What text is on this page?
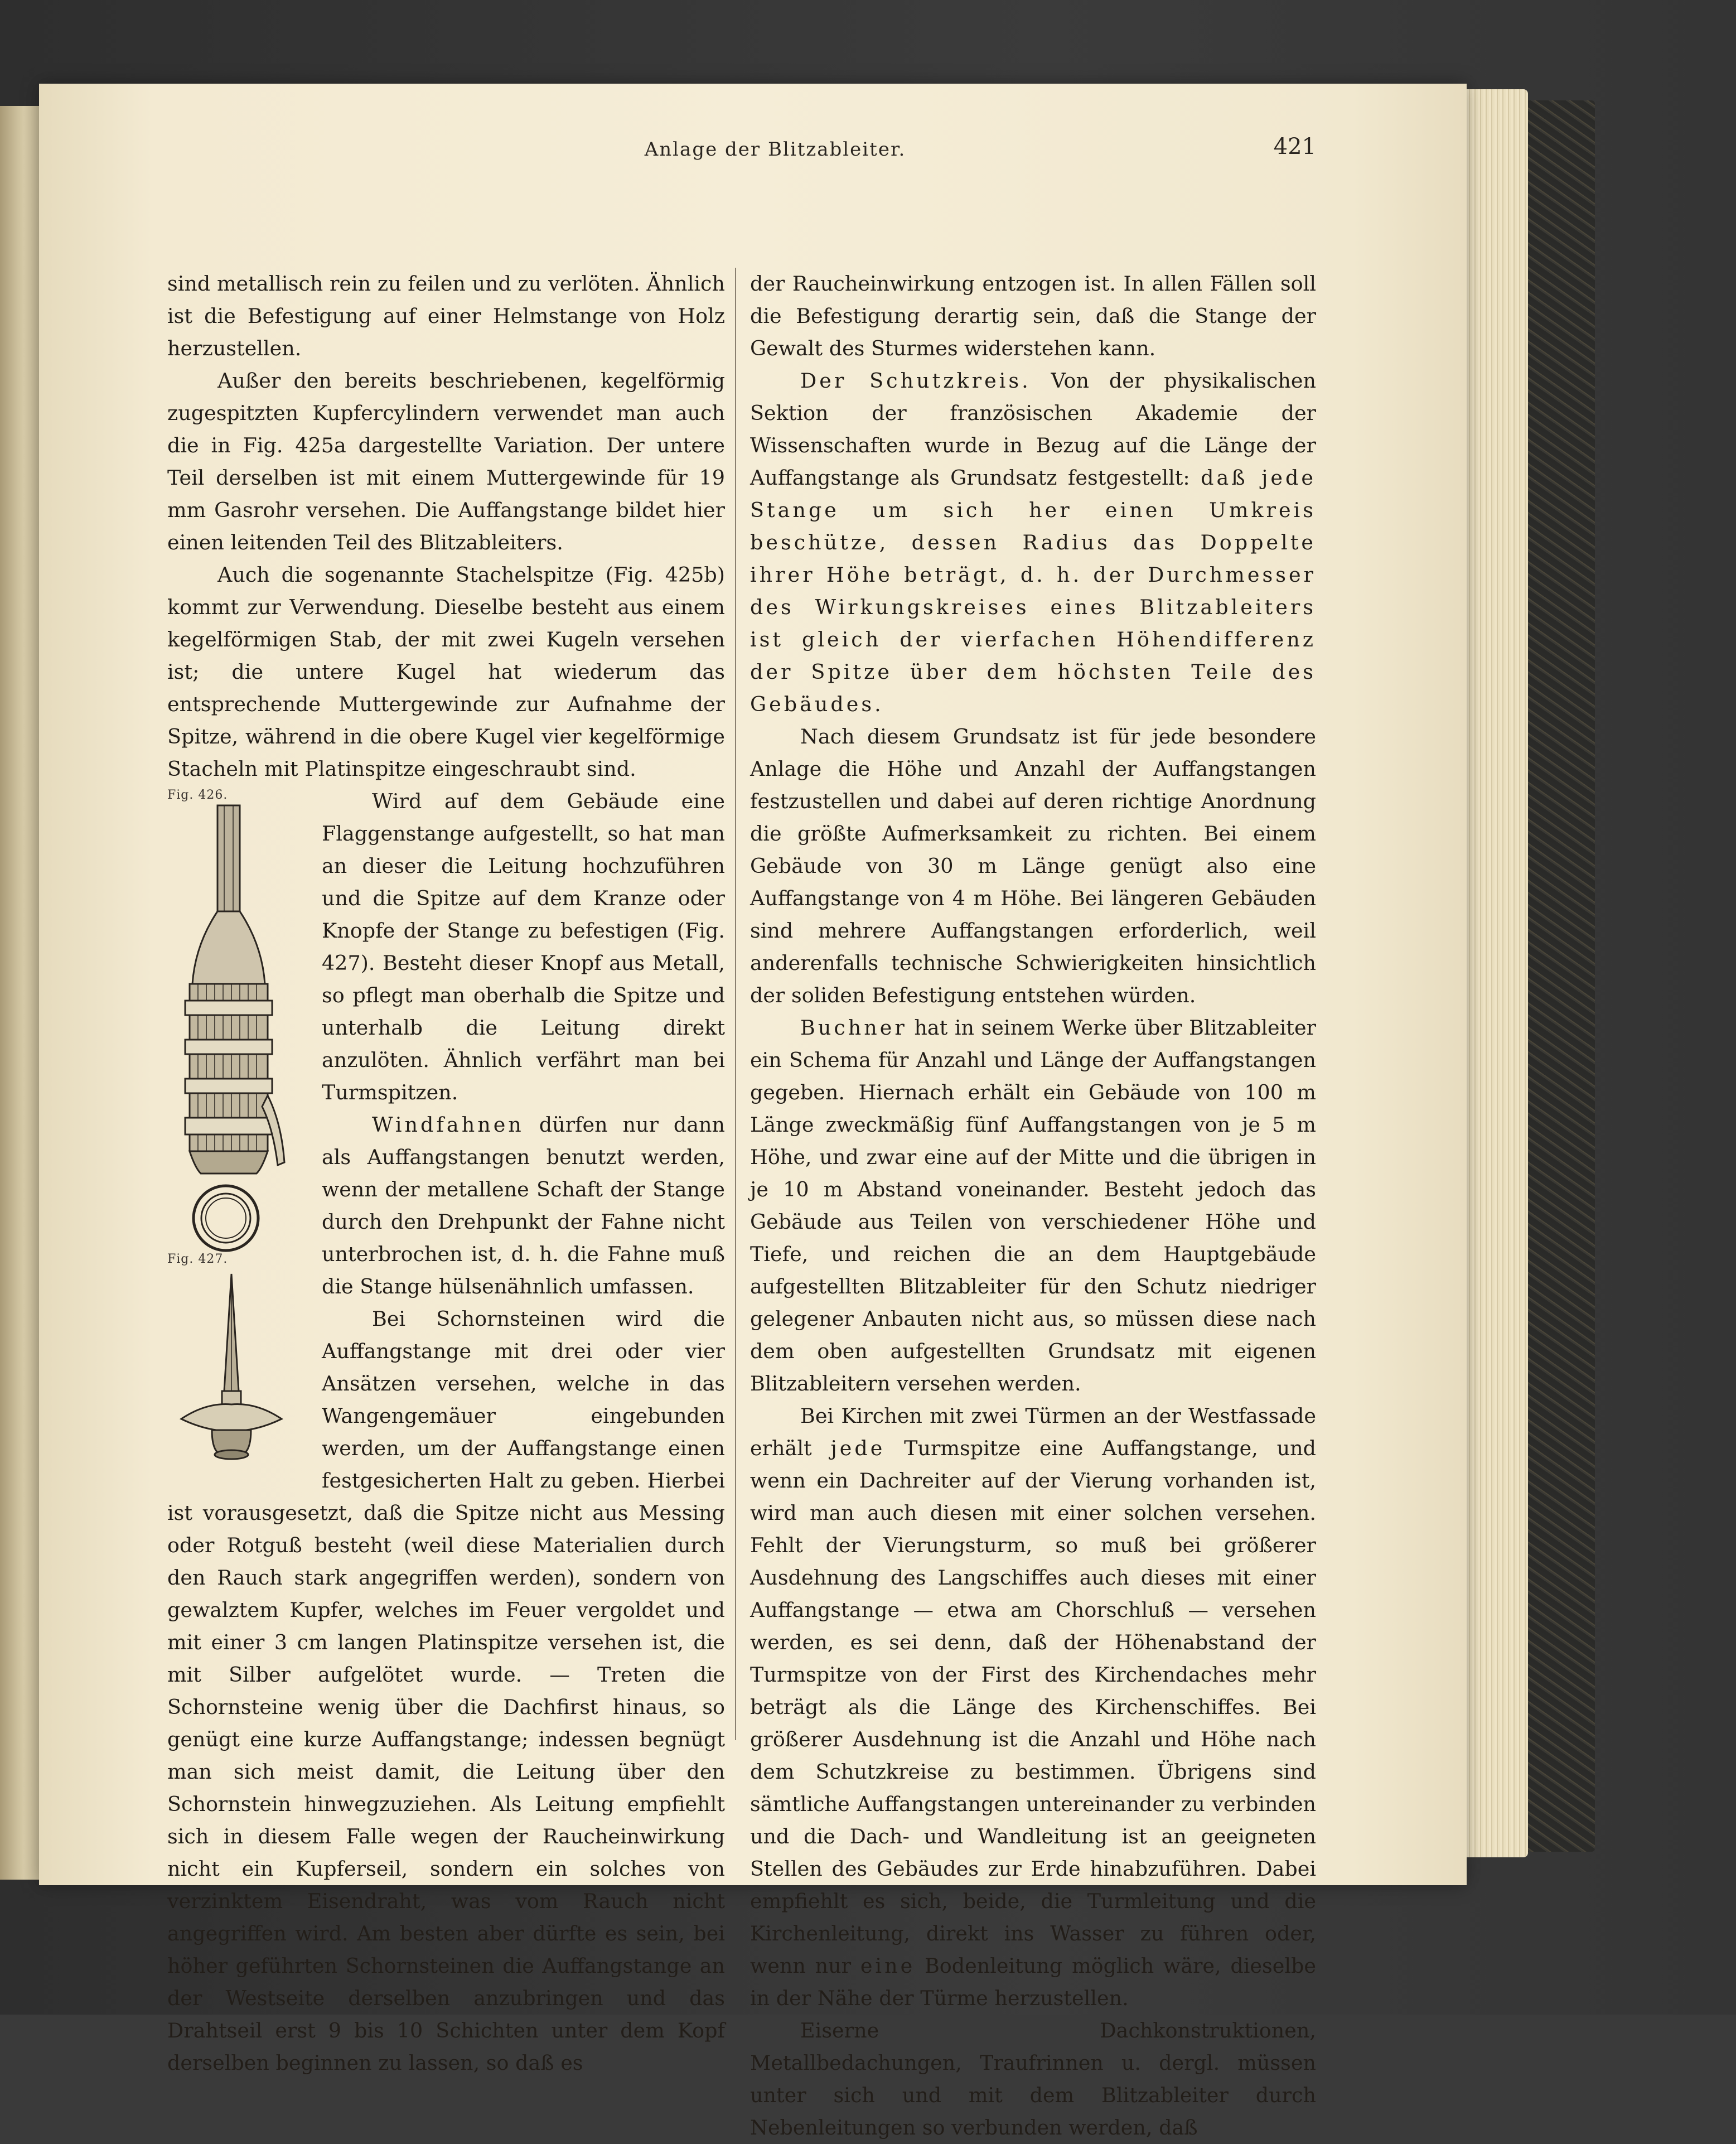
Anlage der Blitzableiter.	421

sind metallisch rein zu feilen und zu verlöten. Ähnlich ist die Befestigung auf einer Helmstange von Holz herzustellen.

Außer den bereits beschriebenen, kegelförmig zugespitzten Kupfercylindern verwendet man auch die in Fig. 425a dargestellte Variation. Der untere Teil derselben ist mit einem Muttergewinde für 19 mm Gasrohr versehen. Die Auffangstange bildet hier einen leitenden Teil des Blitzableiters.

Auch die sogenannte Stachelspitze (Fig. 425b) kommt zur Verwendung. Dieselbe besteht aus einem kegelförmigen Stab, der mit zwei Kugeln versehen ist; die untere Kugel hat wiederum das entsprechende Muttergewinde zur Aufnahme der Spitze, während in die obere Kugel vier kegelförmige Stacheln mit Platinspitze eingeschraubt sind.

Fig. 426.
Fig. 427.

Wird auf dem Gebäude eine Flaggenstange aufgestellt, so hat man an dieser die Leitung hochzuführen und die Spitze auf dem Kranze oder Knopfe der Stange zu befestigen (Fig. 427). Besteht dieser Knopf aus Metall, so pflegt man oberhalb die Spitze und unterhalb die Leitung direkt anzulöten. Ähnlich verfährt man bei Turmspitzen.

Windfahnen dürfen nur dann als Auffangstangen benutzt werden, wenn der metallene Schaft der Stange durch den Drehpunkt der Fahne nicht unterbrochen ist, d. h. die Fahne muß die Stange hülsenähnlich umfassen.

Bei Schornsteinen wird die Auffangstange mit drei oder vier Ansätzen versehen, welche in das Wangengemäuer eingebunden werden, um der Auffangstange einen festgesicherten Halt zu geben. Hierbei ist vorausgesetzt, daß die Spitze nicht aus Messing oder Rotguß besteht (weil diese Materialien durch den Rauch stark angegriffen werden), sondern von gewalztem Kupfer, welches im Feuer vergoldet und mit einer 3 cm langen Platinspitze versehen ist, die mit Silber aufgelötet wurde. — Treten die Schornsteine wenig über die Dachfirst hinaus, so genügt eine kurze Auffangstange; indessen begnügt man sich meist damit, die Leitung über den Schornstein hinwegzuziehen. Als Leitung empfiehlt sich in diesem Falle wegen der Raucheinwirkung nicht ein Kupferseil, sondern ein solches von verzinktem Eisendraht, was vom Rauch nicht angegriffen wird. Am besten aber dürfte es sein, bei höher geführten Schornsteinen die Auffangstange an der Westseite derselben anzubringen und das Drahtseil erst 9 bis 10 Schichten unter dem Kopf derselben beginnen zu lassen, so daß es

der Raucheinwirkung entzogen ist. In allen Fällen soll die Befestigung derartig sein, daß die Stange der Gewalt des Sturmes widerstehen kann.

Der Schutzkreis. Von der physikalischen Sektion der französischen Akademie der Wissenschaften wurde in Bezug auf die Länge der Auffangstange als Grundsatz festgestellt: daß jede Stange um sich her einen Umkreis beschütze, dessen Radius das Doppelte ihrer Höhe beträgt, d. h. der Durchmesser des Wirkungskreises eines Blitzableiters ist gleich der vierfachen Höhendifferenz der Spitze über dem höchsten Teile des Gebäudes.

Nach diesem Grundsatz ist für jede besondere Anlage die Höhe und Anzahl der Auffangstangen festzustellen und dabei auf deren richtige Anordnung die größte Aufmerksamkeit zu richten. Bei einem Gebäude von 30 m Länge genügt also eine Auffangstange von 4 m Höhe. Bei längeren Gebäuden sind mehrere Auffangstangen erforderlich, weil anderenfalls technische Schwierigkeiten hinsichtlich der soliden Befestigung entstehen würden.

Buchner hat in seinem Werke über Blitzableiter ein Schema für Anzahl und Länge der Auffangstangen gegeben. Hiernach erhält ein Gebäude von 100 m Länge zweckmäßig fünf Auffangstangen von je 5 m Höhe, und zwar eine auf der Mitte und die übrigen in je 10 m Abstand voneinander. Besteht jedoch das Gebäude aus Teilen von verschiedener Höhe und Tiefe, und reichen die an dem Hauptgebäude aufgestellten Blitzableiter für den Schutz niedriger gelegener Anbauten nicht aus, so müssen diese nach dem oben aufgestellten Grundsatz mit eigenen Blitzableitern versehen werden.

Bei Kirchen mit zwei Türmen an der Westfassade erhält jede Turmspitze eine Auffangstange, und wenn ein Dachreiter auf der Vierung vorhanden ist, wird man auch diesen mit einer solchen versehen. Fehlt der Vierungsturm, so muß bei größerer Ausdehnung des Langschiffes auch dieses mit einer Auffangstange — etwa am Chorschluß — versehen werden, es sei denn, daß der Höhenabstand der Turmspitze von der First des Kirchendaches mehr beträgt als die Länge des Kirchenschiffes. Bei größerer Ausdehnung ist die Anzahl und Höhe nach dem Schutzkreise zu bestimmen. Übrigens sind sämtliche Auffangstangen untereinander zu verbinden und die Dach- und Wandleitung ist an geeigneten Stellen des Gebäudes zur Erde hinabzuführen. Dabei empfiehlt es sich, beide, die Turmleitung und die Kirchenleitung, direkt ins Wasser zu führen oder, wenn nur eine Bodenleitung möglich wäre, dieselbe in der Nähe der Türme herzustellen.

Eiserne Dachkonstruktionen, Metallbedachungen, Traufrinnen u. dergl. müssen unter sich und mit dem Blitzableiter durch Nebenleitungen so verbunden werden, daß
